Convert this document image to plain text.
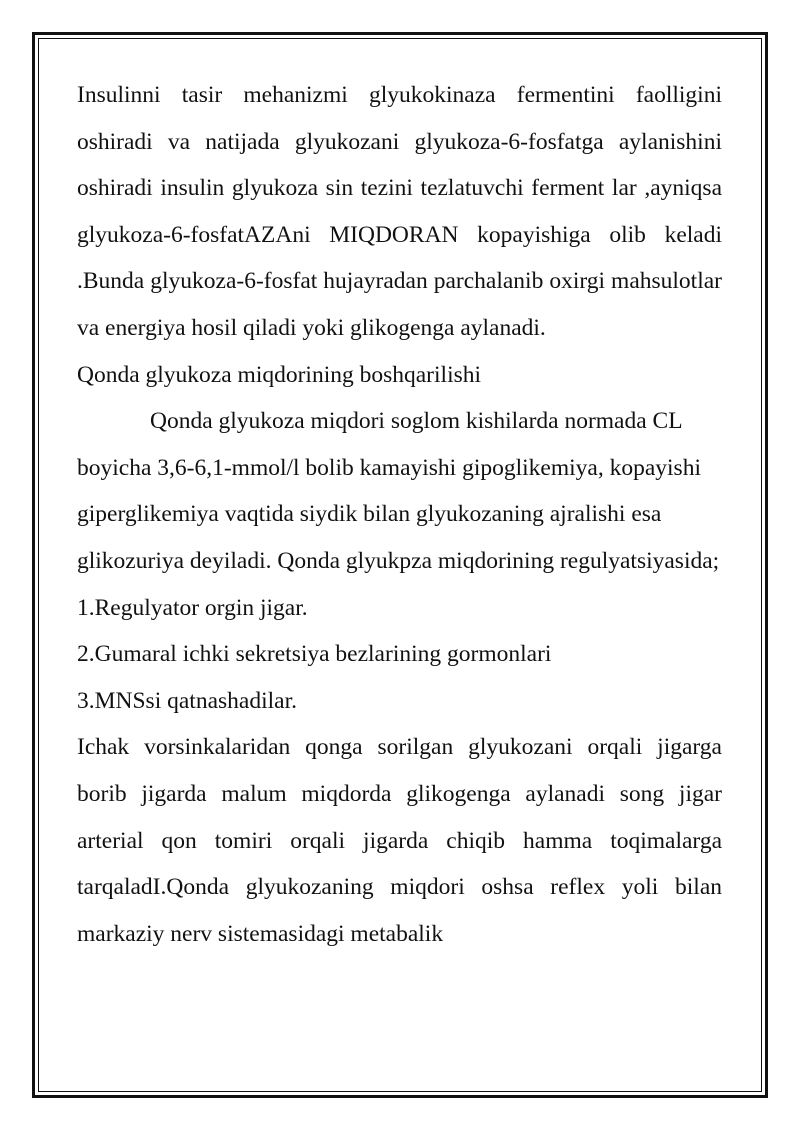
Insulinni tasir mehanizmi glyukokinaza fermentini faolligini oshiradi va natijada glyukozani glyukoza-6-fosfatga aylanishini oshiradi insulin glyukoza sin tezini tezlatuvchi ferment lar ,ayniqsa glyukoza-6-fosfatAZAni MIQDORAN kopayishiga olib keladi .Bunda glyukoza-6-fosfat hujayradan parchalanib oxirgi mahsulotlar va energiya hosil qiladi yoki glikogenga aylanadi.

Qonda glyukoza miqdorining boshqarilishi

Qonda glyukoza miqdori soglom kishilarda normada CL boyicha 3,6-6,1-mmol/l bolib kamayishi gipoglikemiya, kopayishi giperglikemiya vaqtida siydik bilan glyukozaning ajralishi esa glikozuriya deyiladi. Qonda glyukpza miqdorining regulyatsiyasida;

1.Regulyator orgin jigar.

2.Gumaral ichki sekretsiya bezlarining gormonlari

3.MNSsi qatnashadilar.

Ichak vorsinkalaridan qonga sorilgan glyukozani orqali jigarga borib jigarda malum miqdorda glikogenga aylanadi song jigar arterial qon tomiri orqali jigarda chiqib hamma toqimalarga tarqaladI.Qonda glyukozaning miqdori oshsa reflex yoli bilan markaziy nerv sistemasidagi metabalik
